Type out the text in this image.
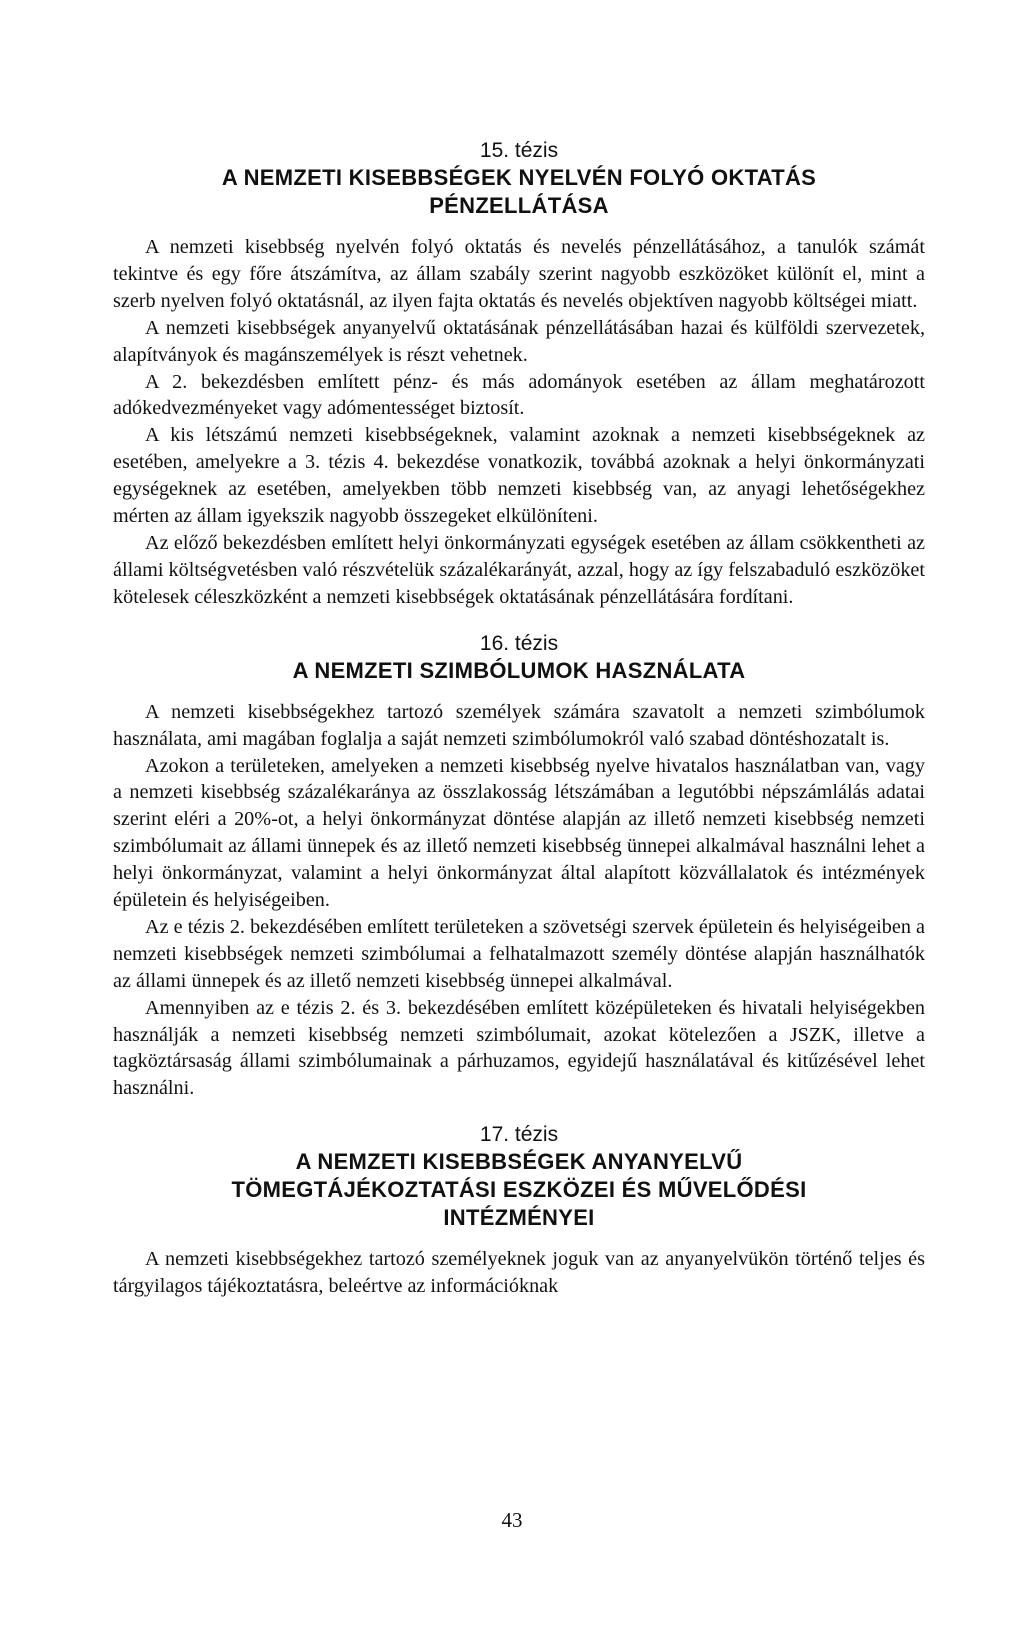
15. tézis

A NEMZETI KISEBBSÉGEK NYELVÉN FOLYÓ OKTATÁS
PÉNZELLÁTÁSA

A nemzeti kisebbség nyelvén folyó oktatás és nevelés pénzellátásához, a tanulók számát tekintve és egy főre átszámítva, az állam szabály szerint nagyobb eszközöket különít el, mint a szerb nyelven folyó oktatásnál, az ilyen fajta oktatás és nevelés objektíven nagyobb költségei miatt.

A nemzeti kisebbségek anyanyelvű oktatásának pénzellátásában hazai és külföldi szervezetek, alapítványok és magánszemélyek is részt vehetnek.

A 2. bekezdésben említett pénz- és más adományok esetében az állam meghatározott adókedvezményeket vagy adómentességet biztosít.

A kis létszámú nemzeti kisebbségeknek, valamint azoknak a nemzeti kisebbségeknek az esetében, amelyekre a 3. tézis 4. bekezdése vonatkozik, továbbá azoknak a helyi önkormányzati egységeknek az esetében, amelyekben több nemzeti kisebbség van, az anyagi lehetőségekhez mérten az állam igyekszik nagyobb összegeket elkülöníteni.

Az előző bekezdésben említett helyi önkormányzati egységek esetében az állam csökkentheti az állami költségvetésben való részvételük százalékarányát, azzal, hogy az így felszabaduló eszközöket kötelesek céleszközként a nemzeti kisebbségek oktatásának pénzellátására fordítani.

16. tézis

A NEMZETI SZIMBÓLUMOK HASZNÁLATA

A nemzeti kisebbségekhez tartozó személyek számára szavatolt a nemzeti szimbólumok használata, ami magában foglalja a saját nemzeti szimbólumokról való szabad döntéshozatalt is.

Azokon a területeken, amelyeken a nemzeti kisebbség nyelve hivatalos használatban van, vagy a nemzeti kisebbség százalékaránya az összlakosság létszámában a legutóbbi népszámlálás adatai szerint eléri a 20%-ot, a helyi önkormányzat döntése alapján az illető nemzeti kisebbség nemzeti szimbólumait az állami ünnepek és az illető nemzeti kisebbség ünnepei alkalmával használni lehet a helyi önkormányzat, valamint a helyi önkormányzat által alapított közvállalatok és intézmények épületein és helyiségeiben.

Az e tézis 2. bekezdésében említett területeken a szövetségi szervek épületein és helyiségeiben a nemzeti kisebbségek nemzeti szimbólumai a felhatalmazott személy döntése alapján használhatók az állami ünnepek és az illető nemzeti kisebbség ünnepei alkalmával.

Amennyiben az e tézis 2. és 3. bekezdésében említett középületeken és hivatali helyiségekben használják a nemzeti kisebbség nemzeti szimbólumait, azokat kötelezően a JSZK, illetve a tagköztársaság állami szimbólumainak a párhuzamos, egyidejű használatával és kitűzésével lehet használni.

17. tézis

A NEMZETI KISEBBSÉGEK ANYANYELVŰ
TÖMEGTÁJÉKOZTATÁSI ESZKÖZEI ÉS MŰVELŐDÉSI
INTÉZMÉNYEI

A nemzeti kisebbségekhez tartozó személyeknek joguk van az anyanyelvükön történő teljes és tárgyilagos tájékoztatásra, beleértve az információknak

43
